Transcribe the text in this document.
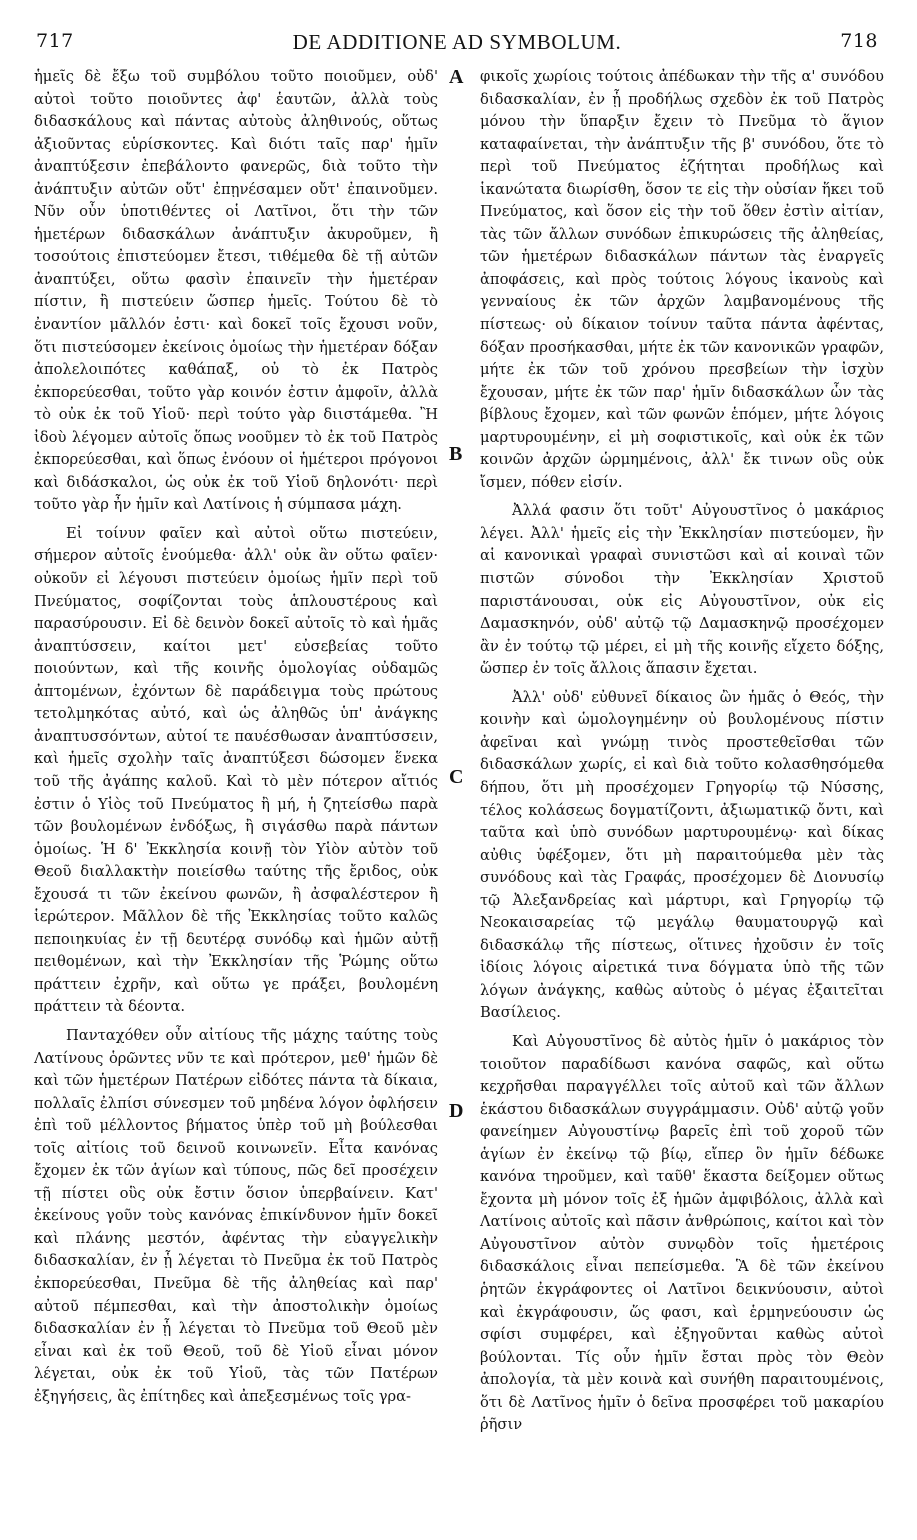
717	DE ADDITIONE AD SYMBOLUM.	718

ἡμεῖς δὲ ἔξω τοῦ συμβόλου τοῦτο ποιοῦμεν, οὐδ' αὐτοὶ τοῦτο ποιοῦντες ἀφ' ἑαυτῶν, ἀλλὰ τοὺς διδασκάλους καὶ πάντας αὐτοὺς ἀληθινούς, οὕτως ἀξιοῦντας εὑρίσκοντες. Καὶ διότι ταῖς παρ' ἡμῖν ἀναπτύξεσιν ἐπεβάλοντο φανερῶς, διὰ τοῦτο τὴν ἀνάπτυξιν αὐτῶν οὔτ' ἐπῃνέσαμεν οὔτ' ἐπαινοῦμεν. Νῦν οὖν ὑποτιθέντες οἱ Λατῖνοι, ὅτι τὴν τῶν ἡμετέρων διδασκάλων ἀνάπτυξιν ἀκυροῦμεν, ἢ τοσούτοις ἐπιστεύομεν ἔτεσι, τιθέμεθα δὲ τῇ αὐτῶν ἀναπτύξει, οὕτω φασὶν ἐπαινεῖν τὴν ἡμετέραν πίστιν, ἢ πιστεύειν ὥσπερ ἡμεῖς. Τούτου δὲ τὸ ἐναντίον μᾶλλόν ἐστι· καὶ δοκεῖ τοῖς ἔχουσι νοῦν, ὅτι πιστεύσομεν ἐκείνοις ὁμοίως τὴν ἡμετέραν δόξαν ἀπολελοιπότες καθάπαξ, οὐ τὸ ἐκ Πατρὸς ἐκπορεύεσθαι, τοῦτο γὰρ κοινόν ἐστιν ἀμφοῖν, ἀλλὰ τὸ οὐκ ἐκ τοῦ Υἱοῦ· περὶ τούτο γὰρ διιστάμεθα. Ἢ ἰδοὺ λέγομεν αὐτοῖς ὅπως νοοῦμεν τὸ ἐκ τοῦ Πατρὸς ἐκπορεύεσθαι, καὶ ὅπως ἐνόουν οἱ ἡμέτεροι πρόγονοι καὶ διδάσκαλοι, ὡς οὐκ ἐκ τοῦ Υἱοῦ δηλονότι· περὶ τοῦτο γὰρ ἦν ἡμῖν καὶ Λατίνοις ἡ σύμπασα μάχη.

Εἰ τοίνυν φαῖεν καὶ αὐτοὶ οὕτω πιστεύειν, σήμερον αὐτοῖς ἑνούμεθα· ἀλλ' οὐκ ἂν οὕτω φαῖεν· οὐκοῦν εἰ λέγουσι πιστεύειν ὁμοίως ἡμῖν περὶ τοῦ Πνεύματος, σοφίζονται τοὺς ἁπλουστέρους καὶ παρασύρουσιν. Εἰ δὲ δεινὸν δοκεῖ αὐτοῖς τὸ καὶ ἡμᾶς ἀναπτύσσειν, καίτοι μετ' εὐσεβείας τοῦτο ποιούντων, καὶ τῆς κοινῆς ὁμολογίας οὐδαμῶς ἀπτομένων, ἐχόντων δὲ παράδειγμα τοὺς πρώτους τετολμηκότας αὐτό, καὶ ὡς ἀληθῶς ὑπ' ἀνάγκης ἀναπτυσσόντων, αὐτοί τε παυέσθωσαν ἀναπτύσσειν, καὶ ἡμεῖς σχολὴν ταῖς ἀναπτύξεσι δώσομεν ἕνεκα τοῦ τῆς ἀγάπης καλοῦ. Καὶ τὸ μὲν πότερον αἴτιός ἐστιν ὁ Υἱὸς τοῦ Πνεύματος ἢ μή, ἡ ζητείσθω παρὰ τῶν βουλομένων ἐνδόξως, ἢ σιγάσθω παρὰ πάντων ὁμοίως. Ἡ δ' Ἐκκλησία κοινῇ τὸν Υἱὸν αὐτὸν τοῦ Θεοῦ διαλλακτὴν ποιείσθω ταύτης τῆς ἔριδος, οὐκ ἔχουσά τι τῶν ἐκείνου φωνῶν, ἢ ἀσφαλέστερον ἢ ἱερώτερον. Μᾶλλον δὲ τῆς Ἐκκλησίας τοῦτο καλῶς πεποιηκυίας ἐν τῇ δευτέρᾳ συνόδῳ καὶ ἡμῶν αὐτῇ πειθομένων, καὶ τὴν Ἐκκλησίαν τῆς Ῥώμης οὕτω πράττειν ἐχρῆν, καὶ οὕτω γε πράξει, βουλομένη πράττειν τὰ δέοντα.

Πανταχόθεν οὖν αἰτίους τῆς μάχης ταύτης τοὺς Λατίνους ὁρῶντες νῦν τε καὶ πρότερον, μεθ' ἡμῶν δὲ καὶ τῶν ἡμετέρων Πατέρων εἰδότες πάντα τὰ δίκαια, πολλαῖς ἐλπίσι σύνεσμεν τοῦ μηδένα λόγον ὀφλήσειν ἐπὶ τοῦ μέλλοντος βήματος ὑπὲρ τοῦ μὴ βούλεσθαι τοῖς αἰτίοις τοῦ δεινοῦ κοινωνεῖν. Εἶτα κανόνας ἔχομεν ἐκ τῶν ἁγίων καὶ τύπους, πῶς δεῖ προσέχειν τῇ πίστει οὓς οὐκ ἔστιν ὅσιον ὑπερβαίνειν. Κατ' ἐκείνους γοῦν τοὺς κανόνας ἐπικίνδυνον ἡμῖν δοκεῖ καὶ πλάνης μεστόν, ἀφέντας τὴν εὐαγγελικὴν διδασκαλίαν, ἐν ᾗ λέγεται τὸ Πνεῦμα ἐκ τοῦ Πατρὸς ἐκπορεύεσθαι, Πνεῦμα δὲ τῆς ἀληθείας καὶ παρ' αὐτοῦ πέμπεσθαι, καὶ τὴν ἀποστολικὴν ὁμοίως διδασκαλίαν ἐν ᾗ λέγεται τὸ Πνεῦμα τοῦ Θεοῦ μὲν εἶναι καὶ ἐκ τοῦ Θεοῦ, τοῦ δὲ Υἱοῦ εἶναι μόνον λέγεται, οὐκ ἐκ τοῦ Υἱοῦ, τὰς τῶν Πατέρων ἐξηγήσεις, ἃς ἐπίτηδες καὶ ἀπεξεσμένως τοῖς γρα-

φικοῖς χωρίοις τούτοις ἀπέδωκαν τὴν τῆς α' συνόδου διδασκαλίαν, ἐν ᾗ προδήλως σχεδὸν ἐκ τοῦ Πατρὸς μόνου τὴν ὕπαρξιν ἔχειν τὸ Πνεῦμα τὸ ἅγιον καταφαίνεται, τὴν ἀνάπτυξιν τῆς β' συνόδου, ὅτε τὸ περὶ τοῦ Πνεύματος ἐζήτηται προδήλως καὶ ἱκανώτατα διωρίσθη, ὅσον τε εἰς τὴν οὐσίαν ἥκει τοῦ Πνεύματος, καὶ ὅσον εἰς τὴν τοῦ ὅθεν ἐστὶν αἰτίαν, τὰς τῶν ἄλλων συνόδων ἐπικυρώσεις τῆς ἀληθείας, τῶν ἡμετέρων διδασκάλων πάντων τὰς ἐναργεῖς ἀποφάσεις, καὶ πρὸς τούτοις λόγους ἱκανοὺς καὶ γενναίους ἐκ τῶν ἀρχῶν λαμβανομένους τῆς πίστεως· οὐ δίκαιον τοίνυν ταῦτα πάντα ἀφέντας, δόξαν προσήκασθαι, μήτε ἐκ τῶν κανονικῶν γραφῶν, μήτε ἐκ τῶν τοῦ χρόνου πρεσβείων τὴν ἰσχὺν ἔχουσαν, μήτε ἐκ τῶν παρ' ἡμῖν διδασκάλων ὧν τὰς βίβλους ἔχομεν, καὶ τῶν φωνῶν ἑπόμεν, μήτε λόγοις μαρτυρουμένην, εἰ μὴ σοφιστικοῖς, καὶ οὐκ ἐκ τῶν κοινῶν ἀρχῶν ὡρμημένοις, ἀλλ' ἔκ τινων οὓς οὐκ ἴσμεν, πόθεν εἰσίν.

Ἀλλά φασιν ὅτι τοῦτ' Αὐγουστῖνος ὁ μακάριος λέγει. Ἀλλ' ἡμεῖς εἰς τὴν Ἐκκλησίαν πιστεύομεν, ἣν αἱ κανονικαὶ γραφαὶ συνιστῶσι καὶ αἱ κοιναὶ τῶν πιστῶν σύνοδοι τὴν Ἐκκλησίαν Χριστοῦ παριστάνουσαι, οὐκ εἰς Αὐγουστῖνον, οὐκ εἰς Δαμασκηνόν, οὐδ' αὐτῷ τῷ Δαμασκηνῷ προσέχομεν ἂν ἐν τούτῳ τῷ μέρει, εἰ μὴ τῆς κοινῆς εἴχετο δόξης, ὥσπερ ἐν τοῖς ἄλλοις ἅπασιν ἔχεται.

Ἀλλ' οὐδ' εὐθυνεῖ δίκαιος ὢν ἡμᾶς ὁ Θεός, τὴν κοινὴν καὶ ὡμολογημένην οὐ βουλομένους πίστιν ἀφεῖναι καὶ γνώμῃ τινὸς προστεθεῖσθαι τῶν διδασκάλων χωρίς, εἰ καὶ διὰ τοῦτο κολασθησόμεθα δήπου, ὅτι μὴ προσέχομεν Γρηγορίῳ τῷ Νύσσης, τέλος κολάσεως δογματίζοντι, ἀξιωματικῷ ὄντι, καὶ ταῦτα καὶ ὑπὸ συνόδων μαρτυρουμένῳ· καὶ δίκας αὐθις ὑφέξομεν, ὅτι μὴ παραιτούμεθα μὲν τὰς συνόδους καὶ τὰς Γραφάς, προσέχομεν δὲ Διονυσίῳ τῷ Ἀλεξανδρείας καὶ μάρτυρι, καὶ Γρηγορίῳ τῷ Νεοκαισαρείας τῷ μεγάλῳ θαυματουργῷ καὶ διδασκάλῳ τῆς πίστεως, οἵτινες ἠχοῦσιν ἐν τοῖς ἰδίοις λόγοις αἱρετικά τινα δόγματα ὑπὸ τῆς τῶν λόγων ἀνάγκης, καθὼς αὐτοὺς ὁ μέγας ἐξαιτεῖται Βασίλειος.

Καὶ Αὐγουστῖνος δὲ αὐτὸς ἡμῖν ὁ μακάριος τὸν τοιοῦτον παραδίδωσι κανόνα σαφῶς, καὶ οὕτω κεχρῆσθαι παραγγέλλει τοῖς αὐτοῦ καὶ τῶν ἄλλων ἑκάστου διδασκάλων συγγράμμασιν. Οὐδ' αὐτῷ γοῦν φανείημεν Αὐγουστίνῳ βαρεῖς ἐπὶ τοῦ χοροῦ τῶν ἁγίων ἐν ἐκείνῳ τῷ βίῳ, εἴπερ ὃν ἡμῖν δέδωκε κανόνα τηροῦμεν, καὶ ταῦθ' ἕκαστα δείξομεν οὕτως ἔχοντα μὴ μόνον τοῖς ἐξ ἡμῶν ἀμφιβόλοις, ἀλλὰ καὶ Λατίνοις αὐτοῖς καὶ πᾶσιν ἀνθρώποις, καίτοι καὶ τὸν Αὐγουστῖνον αὐτὸν συνῳδὸν τοῖς ἡμετέροις διδασκάλοις εἶναι πεπείσμεθα. Ἃ δὲ τῶν ἐκείνου ῥητῶν ἐκγράφοντες οἱ Λατῖνοι δεικνύουσιν, αὐτοὶ καὶ ἐκγράφουσιν, ὥς φασι, καὶ ἑρμηνεύουσιν ὡς σφίσι συμφέρει, καὶ ἐξηγοῦνται καθὼς αὐτοὶ βούλονται. Τίς οὖν ἡμῖν ἔσται πρὸς τὸν Θεὸν ἀπολογία, τὰ μὲν κοινὰ καὶ συνήθη παραιτουμένοις, ὅτι δὲ Λατῖνος ἡμῖν ὁ δεῖνα προσφέρει τοῦ μακαρίου ῥῆσιν

A
B
C
D
